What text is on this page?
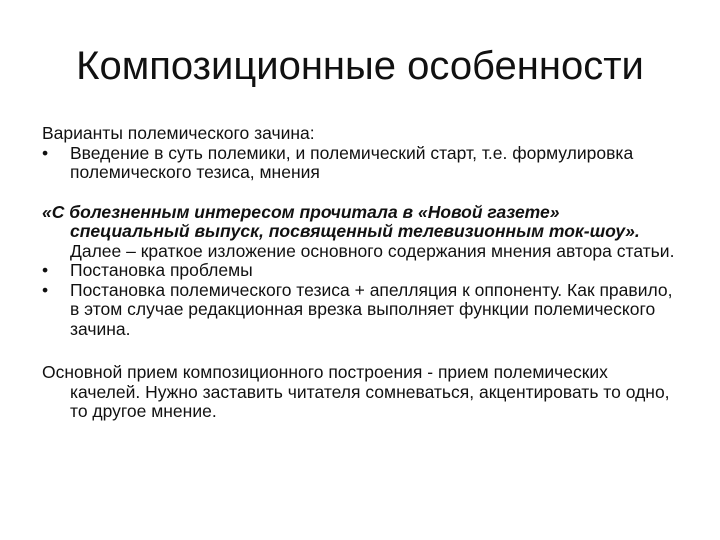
Композиционные особенности

Варианты полемического зачина:

•	Введение в суть полемики, и полемический старт, т.е. формулировка полемического тезиса, мнения

«С болезненным интересом прочитала в «Новой газете» специальный выпуск, посвященный телевизионным ток-шоу». Далее – краткое изложение основного содержания мнения автора статьи.

•	Постановка проблемы
•	Постановка полемического тезиса + апелляция к оппоненту. Как правило, в этом случае редакционная врезка выполняет функции полемического зачина.

Основной прием композиционного построения - прием полемических качелей. Нужно заставить читателя сомневаться, акцентировать то одно, то другое мнение.
